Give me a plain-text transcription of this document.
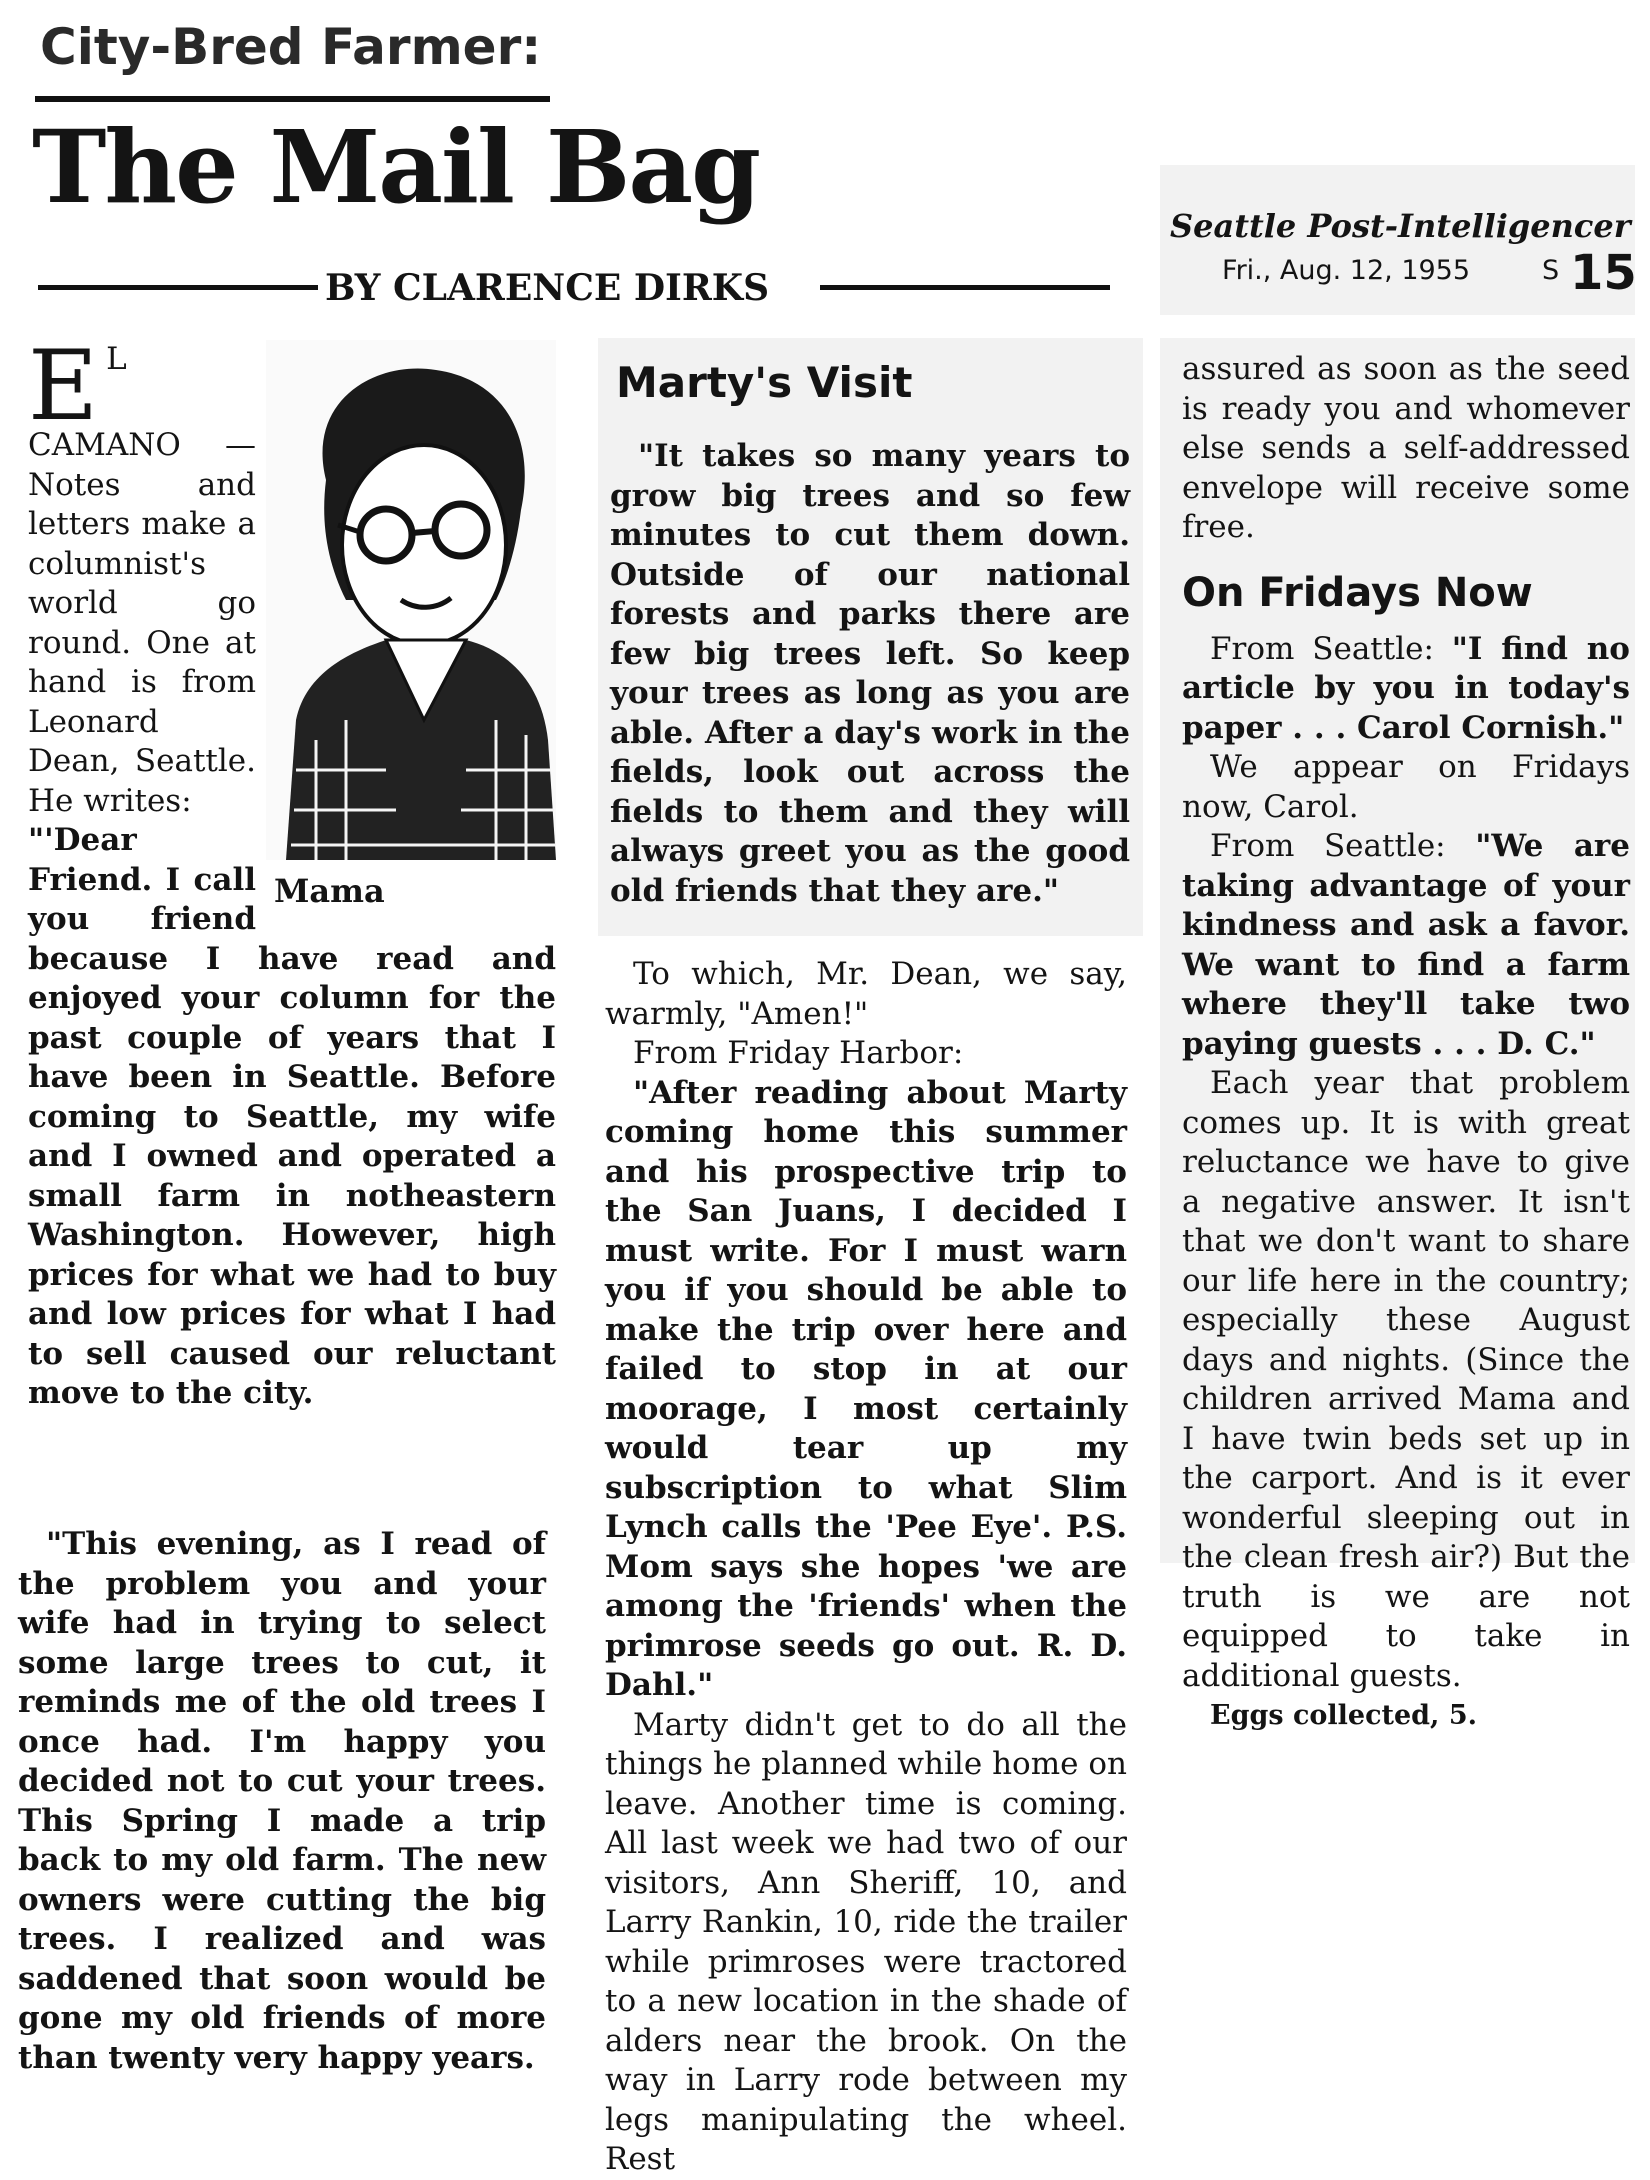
City-Bred Farmer:
The Mail Bag
BY CLARENCE DIRKS
Seattle Post-Intelligencer
Fri., Aug. 12, 1955	S 15
Mama

E L CAMANO — Notes and letters make a columnist's world go round. One at hand is from Leonard Dean, Seattle. He writes:

"'Dear Friend. I call you friend because I have read and enjoyed your column for the past couple of years that I have been in Seattle. Before coming to Seattle, my wife and I owned and operated a small farm in notheastern Washington. However, high prices for what we had to buy and low prices for what I had to sell caused our reluctant move to the city.

"This evening, as I read of the problem you and your wife had in trying to select some large trees to cut, it reminds me of the old trees I once had. I'm happy you decided not to cut your trees. This Spring I made a trip back to my old farm. The new owners were cutting the big trees. I realized and was saddened that soon would be gone my old friends of more than twenty very happy years.

Marty's Visit

"It takes so many years to grow big trees and so few minutes to cut them down. Outside of our national forests and parks there are few big trees left. So keep your trees as long as you are able. After a day's work in the fields, look out across the fields to them and they will always greet you as the good old friends that they are."

To which, Mr. Dean, we say, warmly, "Amen!"

From Friday Harbor:

"After reading about Marty coming home this summer and his prospective trip to the San Juans, I decided I must write. For I must warn you if you should be able to make the trip over here and failed to stop in at our moorage, I most certainly would tear up my subscription to what Slim Lynch calls the 'Pee Eye'. P.S. Mom says she hopes 'we are among the 'friends' when the primrose seeds go out. R. D. Dahl."

Marty didn't get to do all the things he planned while home on leave. Another time is coming. All last week we had two of our visitors, Ann Sheriff, 10, and Larry Rankin, 10, ride the trailer while primroses were tractored to a new location in the shade of alders near the brook. On the way in Larry rode between my legs manipulating the wheel. Rest

assured as soon as the seed is ready you and whomever else sends a self-addressed envelope will receive some free.

On Fridays Now

From Seattle: "I find no article by you in today's paper . . . Carol Cornish."

We appear on Fridays now, Carol.

From Seattle: "We are taking advantage of your kindness and ask a favor. We want to find a farm where they'll take two paying guests . . . D. C."

Each year that problem comes up. It is with great reluctance we have to give a negative answer. It isn't that we don't want to share our life here in the country; especially these August days and nights. (Since the children arrived Mama and I have twin beds set up in the carport. And is it ever wonderful sleeping out in the clean fresh air?) But the truth is we are not equipped to take in additional guests.

Eggs collected, 5.
